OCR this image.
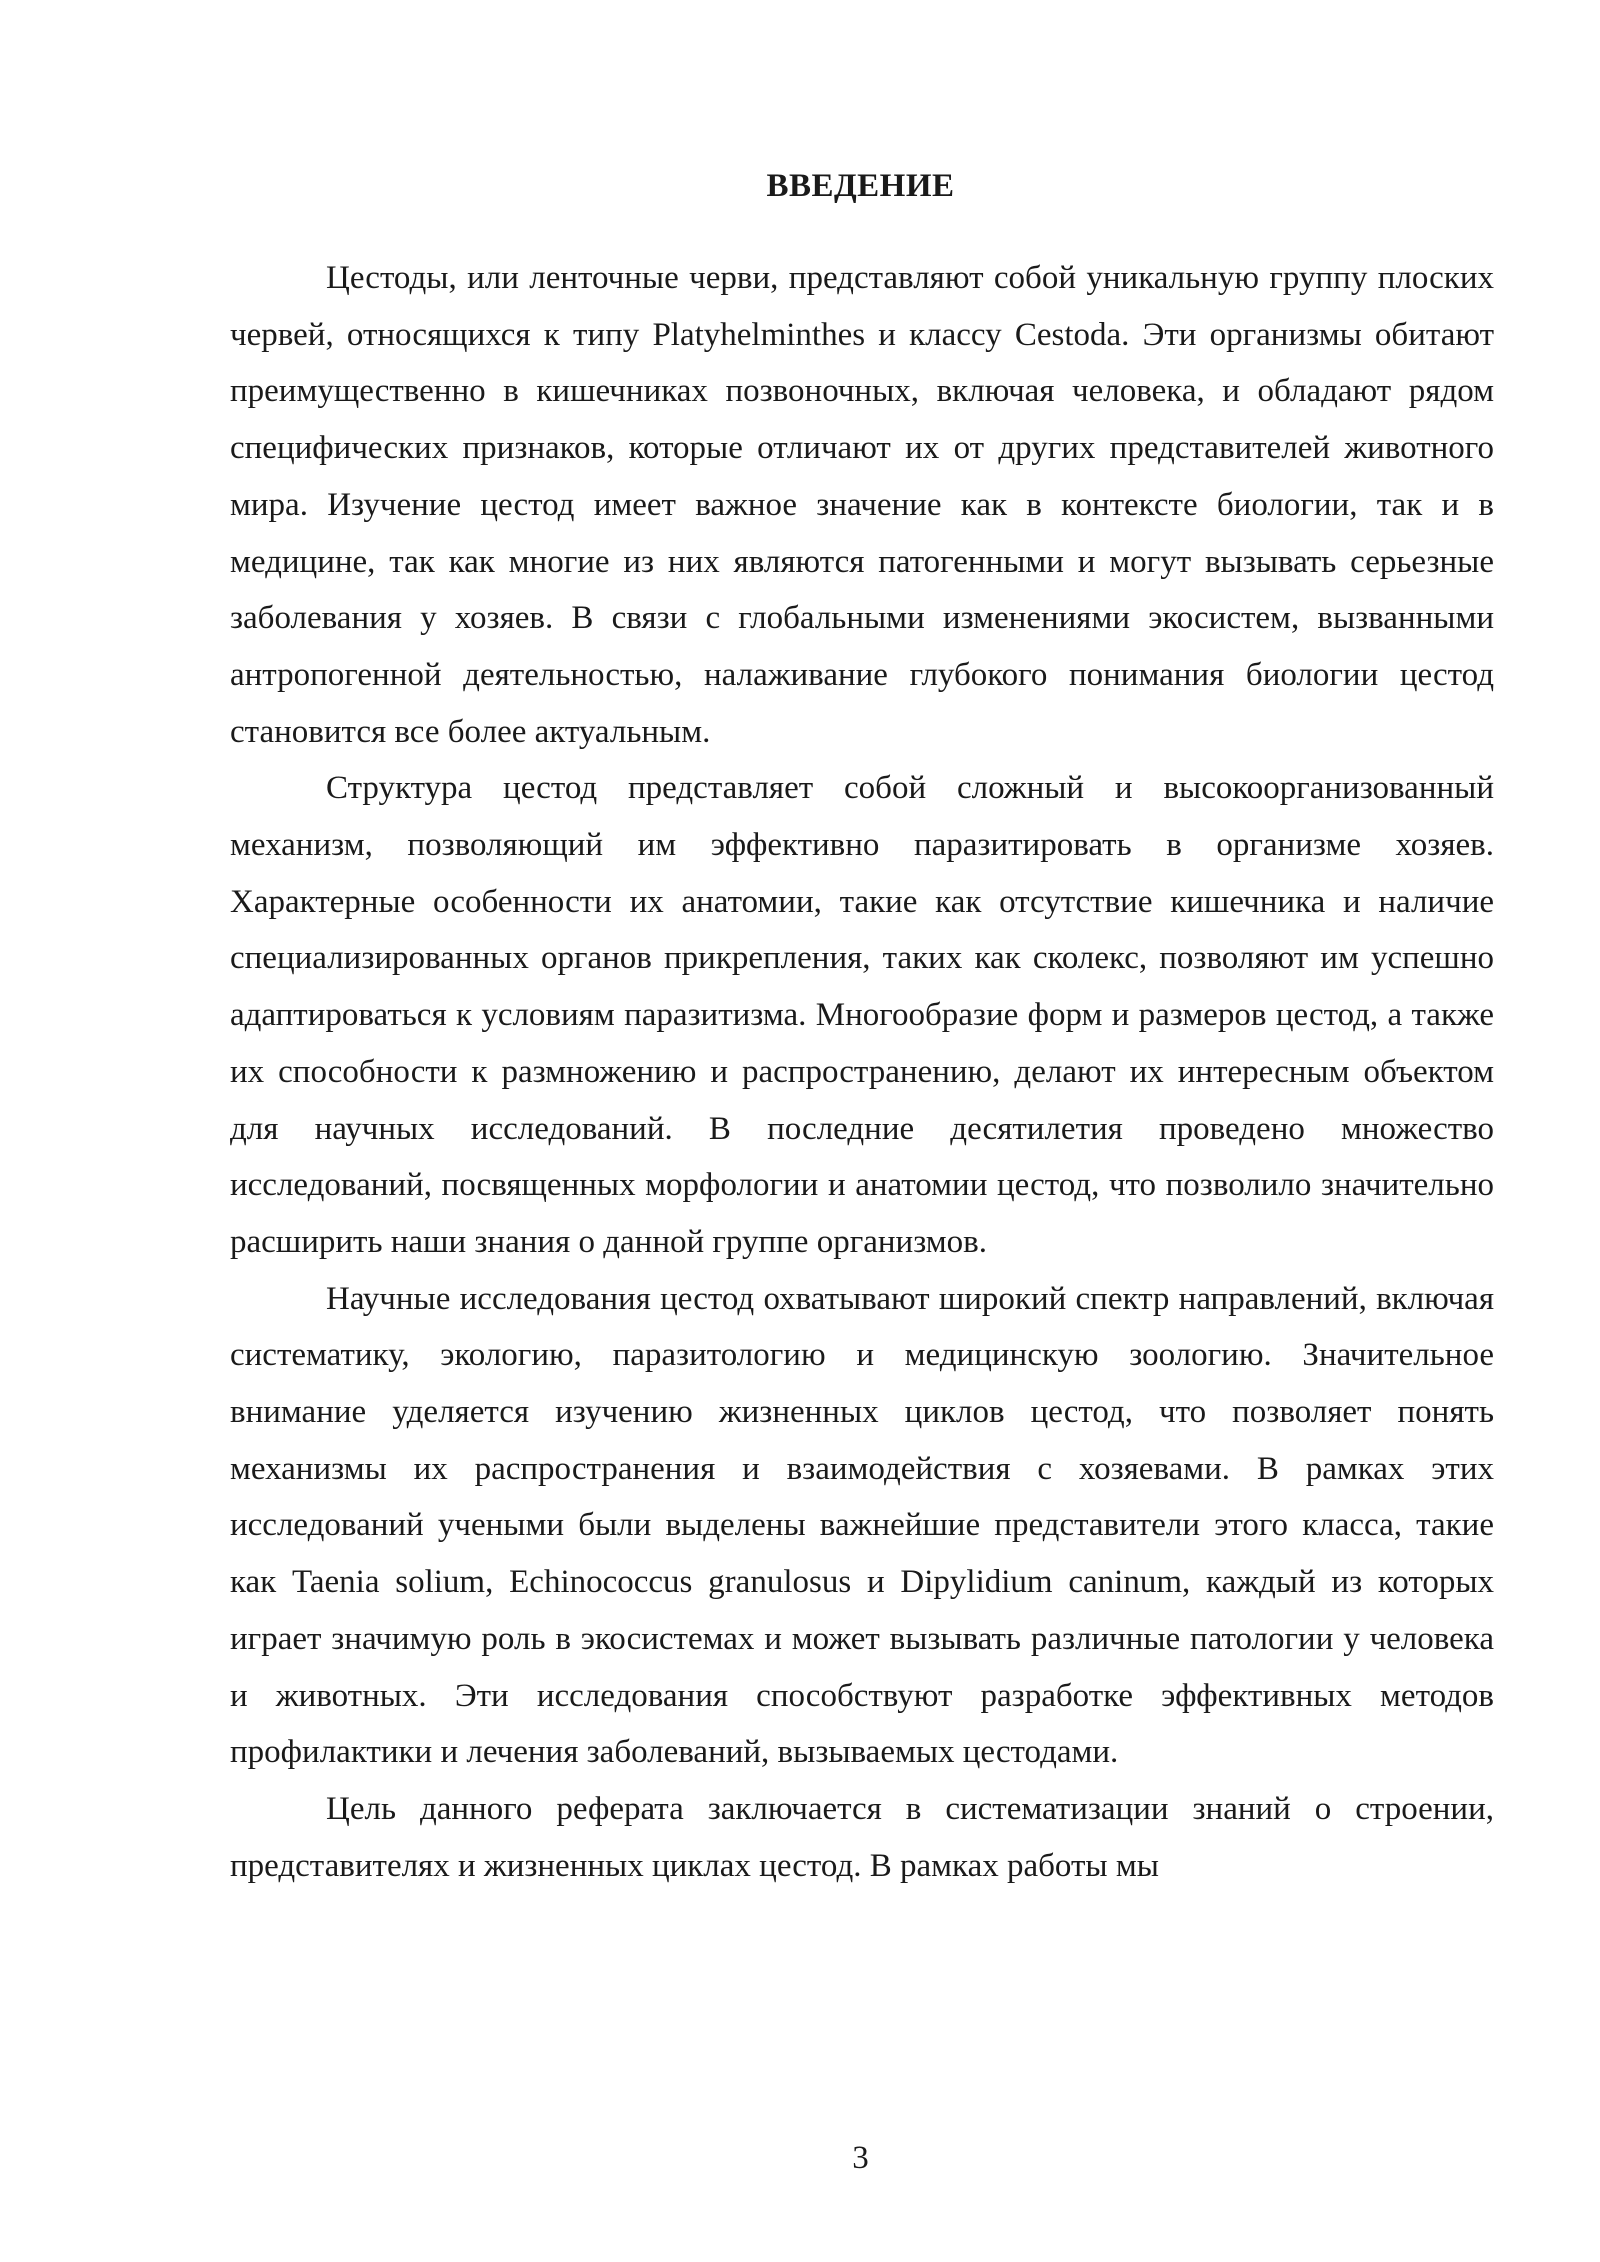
ВВЕДЕНИЕ

Цестоды, или ленточные черви, представляют собой уникальную группу плоских червей, относящихся к типу Platyhelminthes и классу Cestoda. Эти организмы обитают преимущественно в кишечниках позвоночных, включая человека, и обладают рядом специфических признаков, которые отличают их от других представителей животного мира. Изучение цестод имеет важное значение как в контексте биологии, так и в медицине, так как многие из них являются патогенными и могут вызывать серьезные заболевания у хозяев. В связи с глобальными изменениями экосистем, вызванными антропогенной деятельностью, налаживание глубокого понимания биологии цестод становится все более актуальным.

Структура цестод представляет собой сложный и высокоорганизованный механизм, позволяющий им эффективно паразитировать в организме хозяев. Характерные особенности их анатомии, такие как отсутствие кишечника и наличие специализированных органов прикрепления, таких как сколекс, позволяют им успешно адаптироваться к условиям паразитизма. Многообразие форм и размеров цестод, а также их способности к размножению и распространению, делают их интересным объектом для научных исследований. В последние десятилетия проведено множество исследований, посвященных морфологии и анатомии цестод, что позволило значительно расширить наши знания о данной группе организмов.

Научные исследования цестод охватывают широкий спектр направлений, включая систематику, экологию, паразитологию и медицинскую зоологию. Значительное внимание уделяется изучению жизненных циклов цестод, что позволяет понять механизмы их распространения и взаимодействия с хозяевами. В рамках этих исследований учеными были выделены важнейшие представители этого класса, такие как Taenia solium, Echinococcus granulosus и Dipylidium caninum, каждый из которых играет значимую роль в экосистемах и может вызывать различные патологии у человека и животных. Эти исследования способствуют разработке эффективных методов профилактики и лечения заболеваний, вызываемых цестодами.

Цель данного реферата заключается в систематизации знаний о строении, представителях и жизненных циклах цестод. В рамках работы мы

3
